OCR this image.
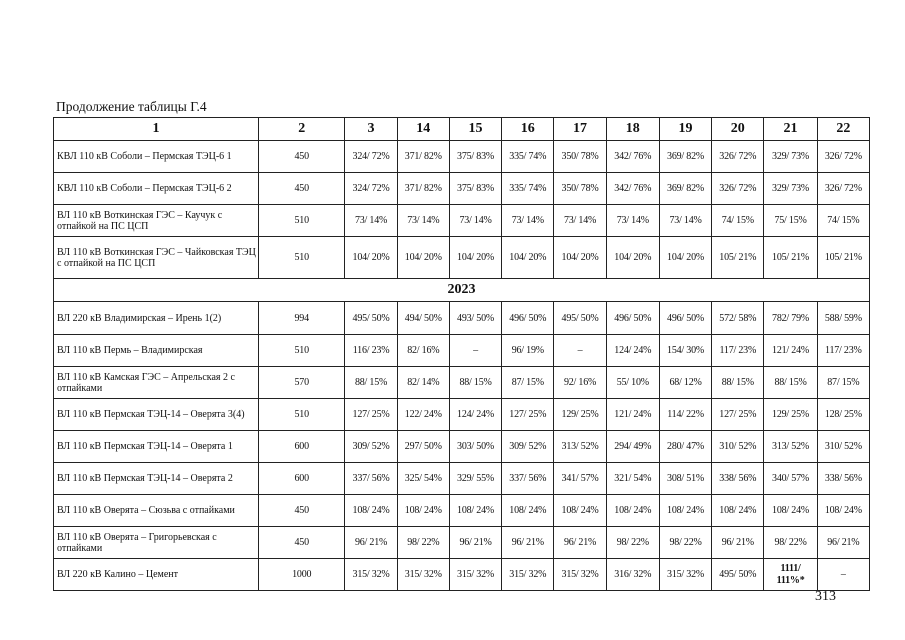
Продолжение таблицы Г.4
1	2	3	14	15	16	17	18	19	20	21	22
КВЛ 110 кВ Соболи – Пермская ТЭЦ-6 1	450	324/ 72%	371/ 82%	375/ 83%	335/ 74%	350/ 78%	342/ 76%	369/ 82%	326/ 72%	329/ 73%	326/ 72%
КВЛ 110 кВ Соболи – Пермская ТЭЦ-6 2	450	324/ 72%	371/ 82%	375/ 83%	335/ 74%	350/ 78%	342/ 76%	369/ 82%	326/ 72%	329/ 73%	326/ 72%
ВЛ 110 кВ Воткинская ГЭС – Каучук с отпайкой на ПС ЦСП	510	73/ 14%	73/ 14%	73/ 14%	73/ 14%	73/ 14%	73/ 14%	73/ 14%	74/ 15%	75/ 15%	74/ 15%
ВЛ 110 кВ Воткинская ГЭС – Чайковская ТЭЦ с отпайкой на ПС ЦСП	510	104/ 20%	104/ 20%	104/ 20%	104/ 20%	104/ 20%	104/ 20%	104/ 20%	105/ 21%	105/ 21%	105/ 21%
2023											
ВЛ 220 кВ Владимирская – Ирень 1(2)	994	495/ 50%	494/ 50%	493/ 50%	496/ 50%	495/ 50%	496/ 50%	496/ 50%	572/ 58%	782/ 79%	588/ 59%
ВЛ 110 кВ Пермь – Владимирская	510	116/ 23%	82/ 16%	–	96/ 19%	–	124/ 24%	154/ 30%	117/ 23%	121/ 24%	117/ 23%
ВЛ 110 кВ Камская ГЭС – Апрельская 2 с отпайками	570	88/ 15%	82/ 14%	88/ 15%	87/ 15%	92/ 16%	55/ 10%	68/ 12%	88/ 15%	88/ 15%	87/ 15%
ВЛ 110 кВ Пермская ТЭЦ-14 – Оверята 3(4)	510	127/ 25%	122/ 24%	124/ 24%	127/ 25%	129/ 25%	121/ 24%	114/ 22%	127/ 25%	129/ 25%	128/ 25%
ВЛ 110 кВ Пермская ТЭЦ-14 – Оверята 1	600	309/ 52%	297/ 50%	303/ 50%	309/ 52%	313/ 52%	294/ 49%	280/ 47%	310/ 52%	313/ 52%	310/ 52%
ВЛ 110 кВ Пермская ТЭЦ-14 – Оверята 2	600	337/ 56%	325/ 54%	329/ 55%	337/ 56%	341/ 57%	321/ 54%	308/ 51%	338/ 56%	340/ 57%	338/ 56%
ВЛ 110 кВ Оверята – Сюзьва с отпайками	450	108/ 24%	108/ 24%	108/ 24%	108/ 24%	108/ 24%	108/ 24%	108/ 24%	108/ 24%	108/ 24%	108/ 24%
ВЛ 110 кВ Оверята – Григорьевская с отпайками	450	96/ 21%	98/ 22%	96/ 21%	96/ 21%	96/ 21%	98/ 22%	98/ 22%	96/ 21%	98/ 22%	96/ 21%
ВЛ 220 кВ Калино – Цемент	1000	315/ 32%	315/ 32%	315/ 32%	315/ 32%	315/ 32%	316/ 32%	315/ 32%	495/ 50%	1111/ 111%*	–
313
